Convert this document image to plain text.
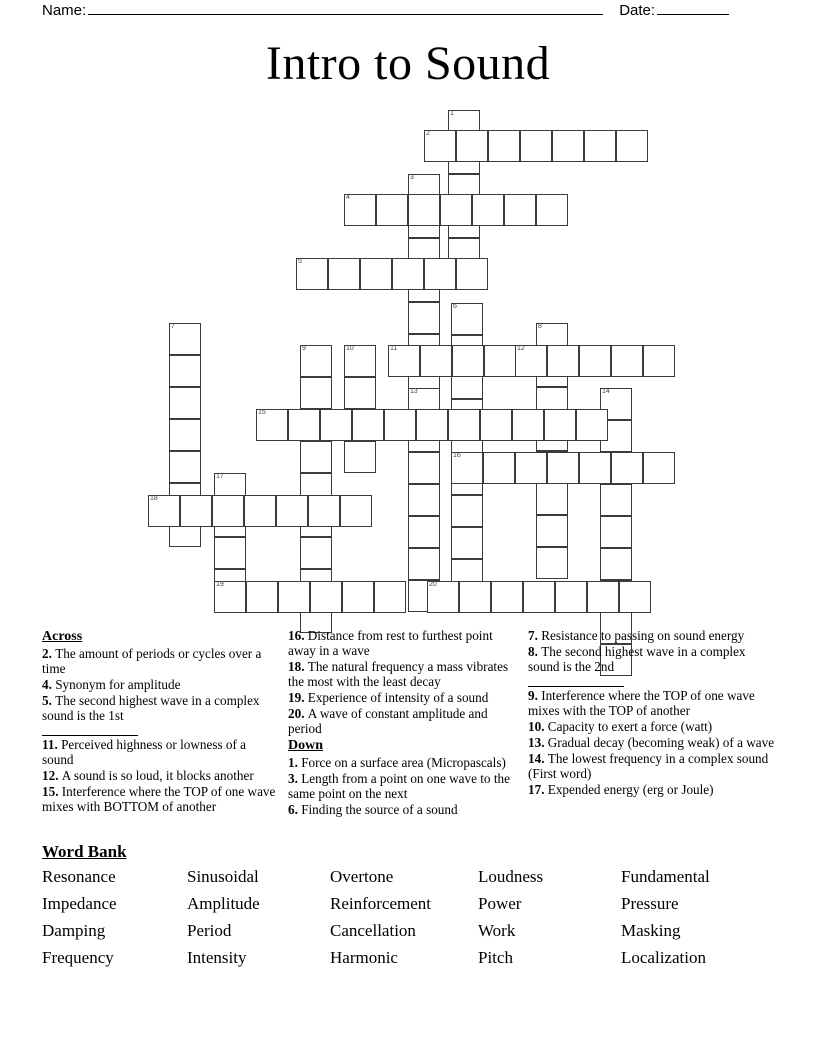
Name:	Date:
Intro to Sound
1
2
3
4
5
6
7	8
9	10	11	12
13	14
15
16
17
18
19	20
Across
2. The amount of periods or cycles over a time
4. Synonym for amplitude
5. The second highest wave in a complex sound is the 1st
11. Perceived highness or lowness of a sound
12. A sound is so loud, it blocks another
15. Interference where the TOP of one wave mixes with BOTTOM of another
16. Distance from rest to furthest point away in a wave
18. The natural frequency a mass vibrates the most with the least decay
19. Experience of intensity of a sound
20. A wave of constant amplitude and period
Down
1. Force on a surface area (Micropascals)
3. Length from a point on one wave to the same point on the next
6. Finding the source of a sound
7. Resistance to passing on sound energy
8. The second highest wave in a complex sound is the 2nd
9. Interference where the TOP of one wave mixes with the TOP of another
10. Capacity to exert a force (watt)
13. Gradual decay (becoming weak) of a wave
14. The lowest frequency in a complex sound (First word)
17. Expended energy (erg or Joule)
Word Bank
Resonance	Sinusoidal	Overtone	Loudness	Fundamental
Impedance	Amplitude	Reinforcement	Power	Pressure
Damping	Period	Cancellation	Work	Masking
Frequency	Intensity	Harmonic	Pitch	Localization
